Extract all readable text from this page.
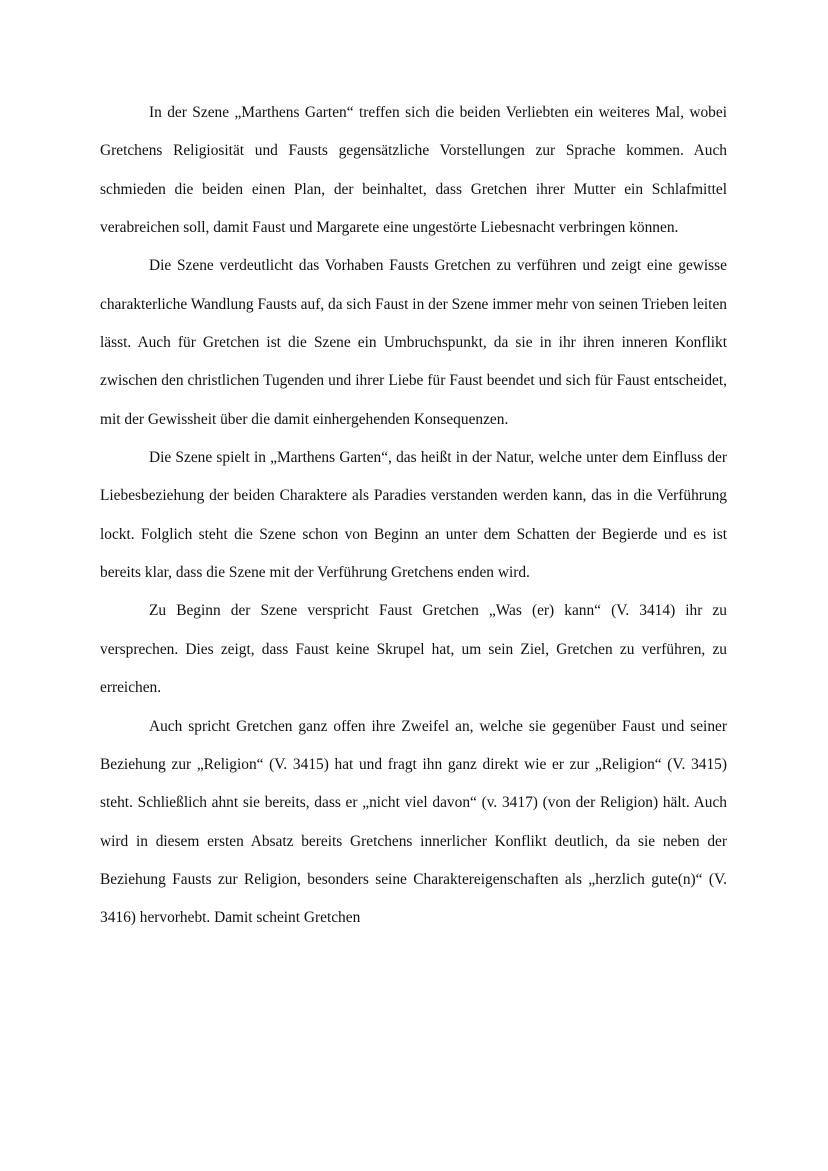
In der Szene „Marthens Garten“ treffen sich die beiden Verliebten ein weiteres Mal, wobei Gretchens Religiosität und Fausts gegensätzliche Vorstellungen zur Sprache kommen. Auch schmieden die beiden einen Plan, der beinhaltet, dass Gretchen ihrer Mutter ein Schlafmittel verabreichen soll, damit Faust und Margarete eine ungestörte Liebesnacht verbringen können.

Die Szene verdeutlicht das Vorhaben Fausts Gretchen zu verführen und zeigt eine gewisse charakterliche Wandlung Fausts auf, da sich Faust in der Szene immer mehr von seinen Trieben leiten lässt. Auch für Gretchen ist die Szene ein Umbruchspunkt, da sie in ihr ihren inneren Konflikt zwischen den christlichen Tugenden und ihrer Liebe für Faust beendet und sich für Faust entscheidet, mit der Gewissheit über die damit einhergehenden Konsequenzen.

Die Szene spielt in „Marthens Garten“, das heißt in der Natur, welche unter dem Einfluss der Liebesbeziehung der beiden Charaktere als Paradies verstanden werden kann, das in die Verführung lockt. Folglich steht die Szene schon von Beginn an unter dem Schatten der Begierde und es ist bereits klar, dass die Szene mit der Verführung Gretchens enden wird.

Zu Beginn der Szene verspricht Faust Gretchen „Was (er) kann“ (V. 3414) ihr zu versprechen. Dies zeigt, dass Faust keine Skrupel hat, um sein Ziel, Gretchen zu verführen, zu erreichen.

Auch spricht Gretchen ganz offen ihre Zweifel an, welche sie gegenüber Faust und seiner Beziehung zur „Religion“ (V. 3415) hat und fragt ihn ganz direkt wie er zur „Religion“ (V. 3415) steht. Schließlich ahnt sie bereits, dass er „nicht viel davon“ (v. 3417) (von der Religion) hält. Auch wird in diesem ersten Absatz bereits Gretchens innerlicher Konflikt deutlich, da sie neben der Beziehung Fausts zur Religion, besonders seine Charaktereigenschaften als „herzlich gute(n)“ (V. 3416) hervorhebt. Damit scheint Gretchen
